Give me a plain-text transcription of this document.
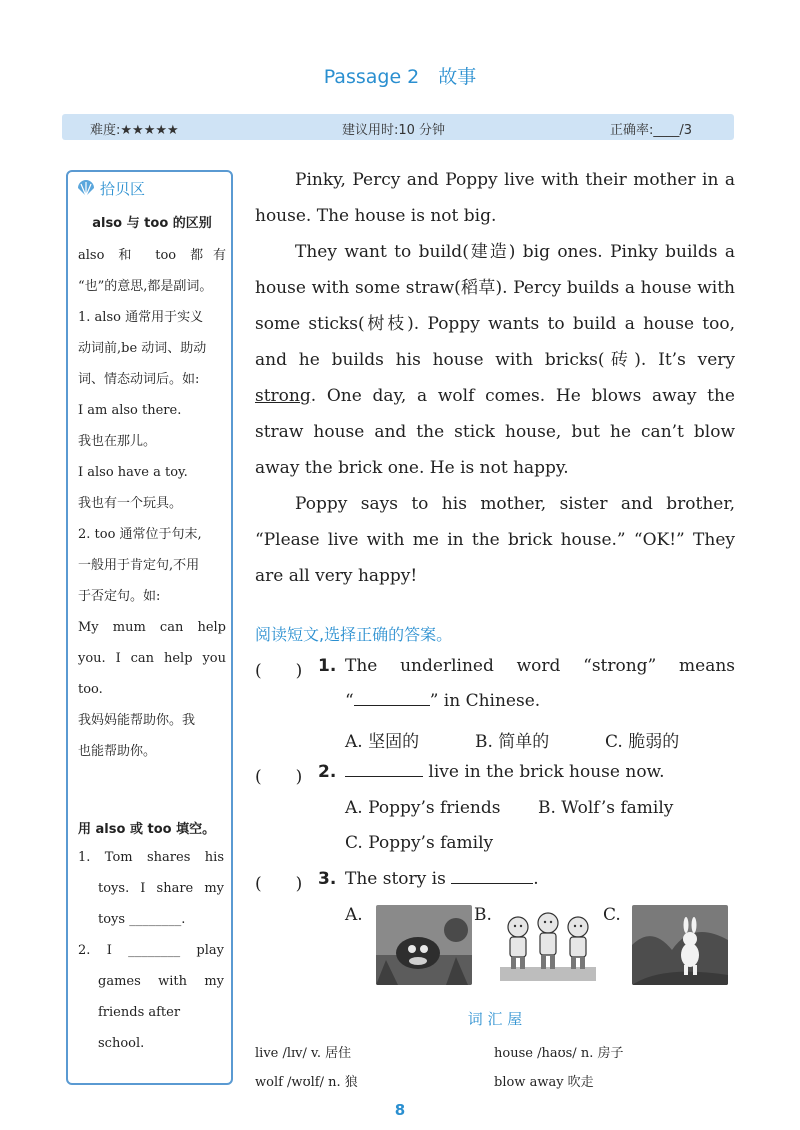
Passage 2　故事
难度:★★★★★	建议用时:10 分钟	正确率:____/3
拾贝区
also 与 too 的区别
also 和 too 都有
“也”的意思,都是副词。
1. also 通常用于实义
动词前,be 动词、助动
词、情态动词后。如:
I am also there.
我也在那儿。
I also have a toy.
我也有一个玩具。
2. too 通常位于句末,
一般用于肯定句,不用
于否定句。如:
My mum can help
you. I can help you
too.
我妈妈能帮助你。我
也能帮助你。
用 also 或 too 填空。
1. Tom shares his
toys. I share my
toys ________.
2. I ________ play
games with my
friends after school.

Pinky, Percy and Poppy live with their mother in a house. The house is not big.

They want to build(建造) big ones. Pinky builds a house with some straw(稻草). Percy builds a house with some sticks(树枝). Poppy wants to build a house too, and he builds his house with bricks(砖). It’s very strong. One day, a wolf comes. He blows away the straw house and the stick house, but he can’t blow away the brick one. He is not happy.

Poppy says to his mother, sister and brother, “Please live with me in the brick house.” “OK!” They are all very happy!

阅读短文,选择正确的答案。
(　　) 1. The underlined word “strong” means
“	” in Chinese.
A. 坚固的	B. 简单的	C. 脆弱的
(　　) 2.	live in the brick house now.
A. Poppy’s friends B. Wolf’s family
C. Poppy’s family
(　　) 3. The story is	.
A.	B.	C.
词 汇 屋
live /lɪv/ v. 居住	house /haʊs/ n. 房子
wolf /wʊlf/ n. 狼	blow away 吹走
8
